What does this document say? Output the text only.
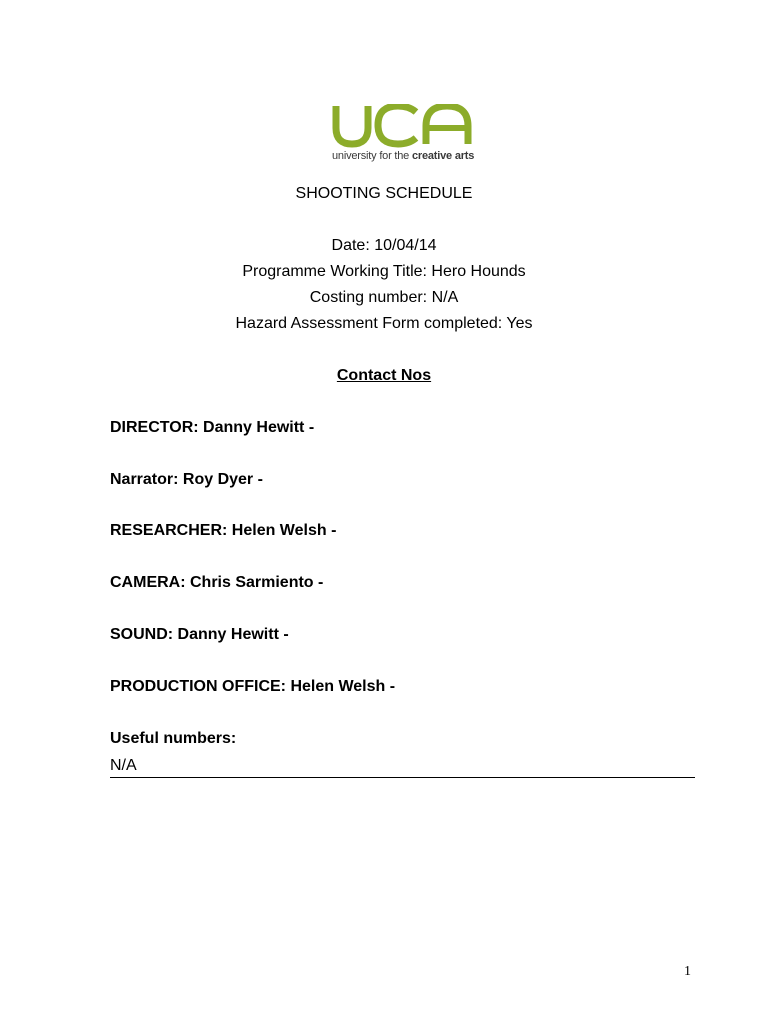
university for the creative arts
SHOOTING SCHEDULE
Date: 10/04/14
Programme Working Title: Hero Hounds
Costing number: N/A
Hazard Assessment Form completed: Yes
Contact Nos
DIRECTOR: Danny Hewitt -
Narrator: Roy Dyer -
RESEARCHER: Helen Welsh -
CAMERA: Chris Sarmiento -
SOUND: Danny Hewitt -
PRODUCTION OFFICE: Helen Welsh -
Useful numbers:
N/A
1
